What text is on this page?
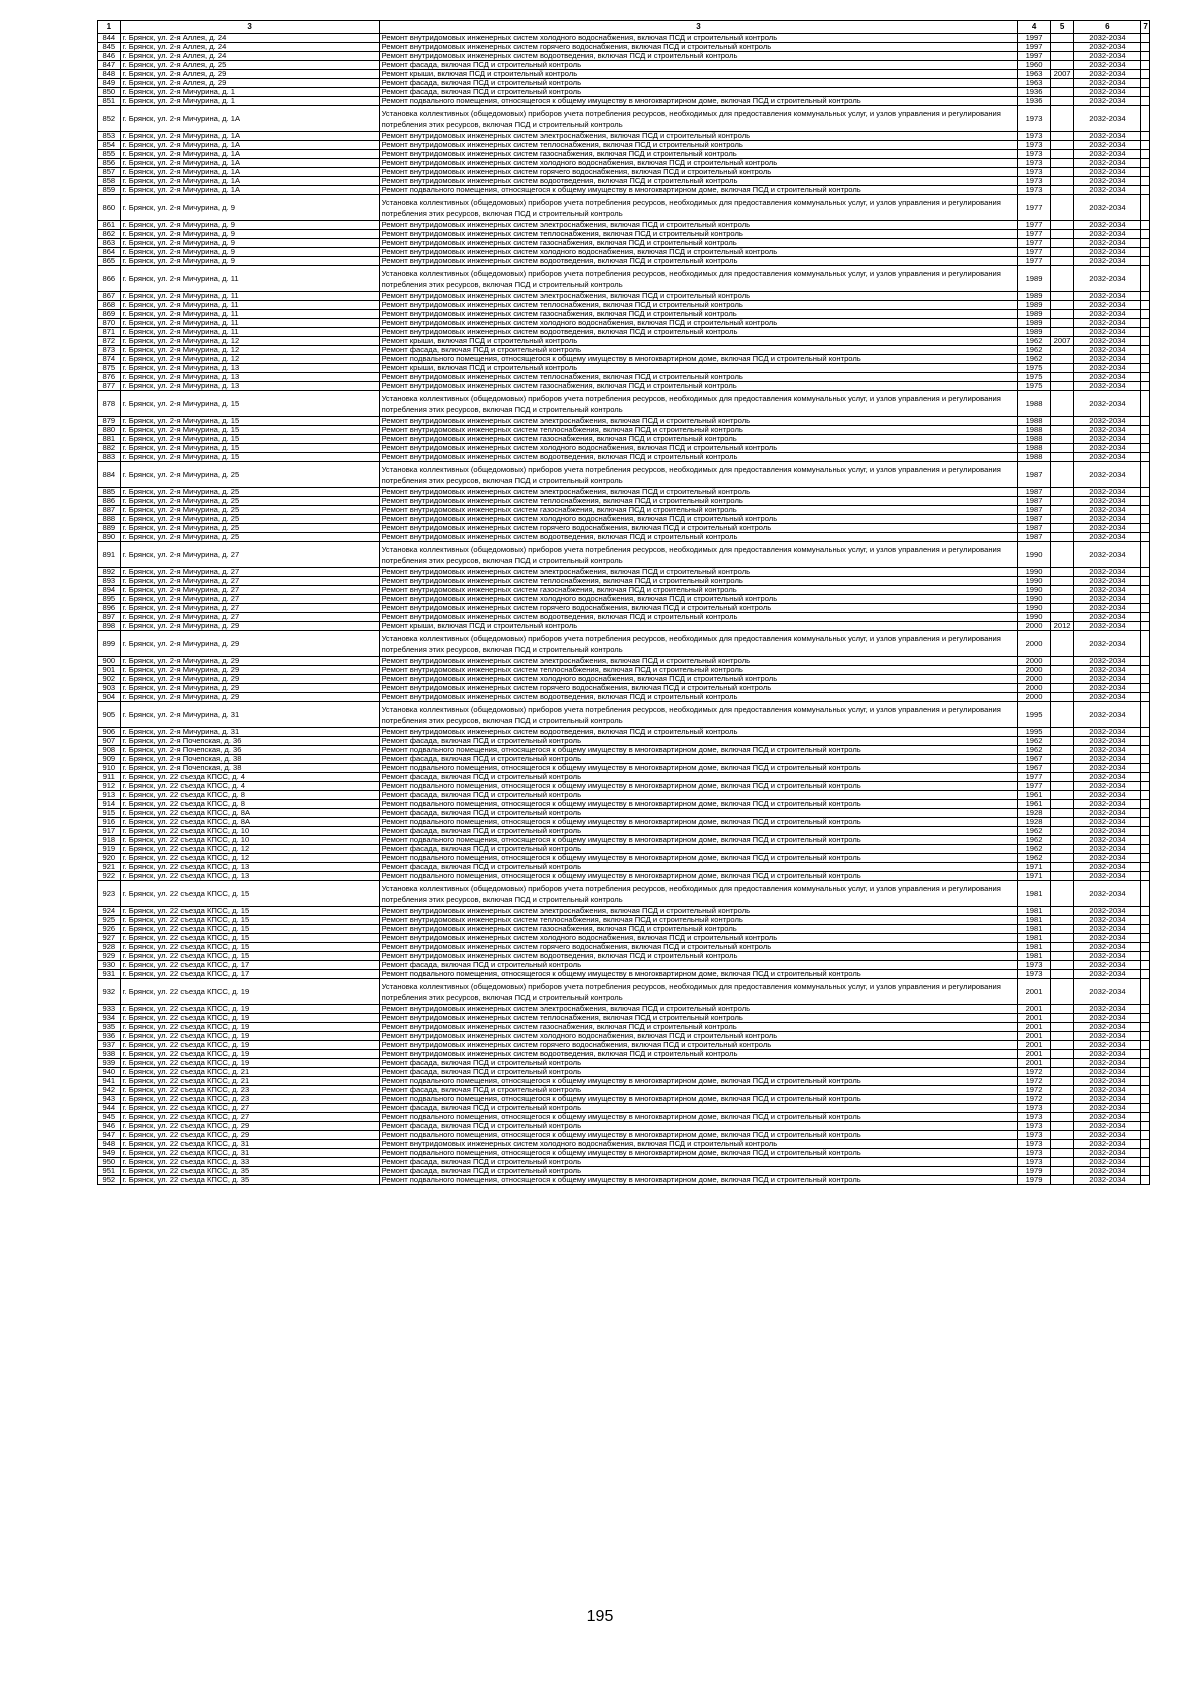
1	3	3	4	5	6	7
844	г. Брянск, ул. 2-я Аллея, д. 24	Ремонт внутридомовых инженерных систем холодного водоснабжения, включая ПСД и строительный контроль	1997		2032-2034	
845	г. Брянск, ул. 2-я Аллея, д. 24	Ремонт внутридомовых инженерных систем горячего водоснабжения, включая ПСД и строительный контроль	1997		2032-2034	
846	г. Брянск, ул. 2-я Аллея, д. 24	Ремонт внутридомовых инженерных систем водоотведения, включая ПСД и строительный контроль	1997		2032-2034	
847	г. Брянск, ул. 2-я Аллея, д. 25	Ремонт фасада, включая ПСД и строительный контроль	1960		2032-2034	
848	г. Брянск, ул. 2-я Аллея, д. 29	Ремонт крыши, включая ПСД и строительный контроль	1963	2007	2032-2034	
849	г. Брянск, ул. 2-я Аллея, д. 29	Ремонт фасада, включая ПСД и строительный контроль	1963		2032-2034	
850	г. Брянск, ул. 2-я Мичурина, д. 1	Ремонт фасада, включая ПСД и строительный контроль	1936		2032-2034	
851	г. Брянск, ул. 2-я Мичурина, д. 1	Ремонт подвального помещения, относящегося к общему имуществу в многоквартирном доме, включая ПСД и строительный контроль	1936		2032-2034	
852	г. Брянск, ул. 2-я Мичурина, д. 1А	Установка коллективных (общедомовых) приборов учета потребления ресурсов, необходимых для предоставления коммунальных услуг, и узлов управления и регулирования потребления этих ресурсов, включая ПСД и строительный контроль	1973		2032-2034	
853	г. Брянск, ул. 2-я Мичурина, д. 1А	Ремонт внутридомовых инженерных систем электроснабжения, включая ПСД и строительный контроль	1973		2032-2034	
854	г. Брянск, ул. 2-я Мичурина, д. 1А	Ремонт внутридомовых инженерных систем теплоснабжения, включая ПСД и строительный контроль	1973		2032-2034	
855	г. Брянск, ул. 2-я Мичурина, д. 1А	Ремонт внутридомовых инженерных систем газоснабжения, включая ПСД и строительный контроль	1973		2032-2034	
856	г. Брянск, ул. 2-я Мичурина, д. 1А	Ремонт внутридомовых инженерных систем холодного водоснабжения, включая ПСД и строительный контроль	1973		2032-2034	
857	г. Брянск, ул. 2-я Мичурина, д. 1А	Ремонт внутридомовых инженерных систем горячего водоснабжения, включая ПСД и строительный контроль	1973		2032-2034	
858	г. Брянск, ул. 2-я Мичурина, д. 1А	Ремонт внутридомовых инженерных систем водоотведения, включая ПСД и строительный контроль	1973		2032-2034	
859	г. Брянск, ул. 2-я Мичурина, д. 1А	Ремонт подвального помещения, относящегося к общему имуществу в многоквартирном доме, включая ПСД и строительный контроль	1973		2032-2034	
860	г. Брянск, ул. 2-я Мичурина, д. 9	Установка коллективных (общедомовых) приборов учета потребления ресурсов, необходимых для предоставления коммунальных услуг, и узлов управления и регулирования потребления этих ресурсов, включая ПСД и строительный контроль	1977		2032-2034	
861	г. Брянск, ул. 2-я Мичурина, д. 9	Ремонт внутридомовых инженерных систем электроснабжения, включая ПСД и строительный контроль	1977		2032-2034	
862	г. Брянск, ул. 2-я Мичурина, д. 9	Ремонт внутридомовых инженерных систем теплоснабжения, включая ПСД и строительный контроль	1977		2032-2034	
863	г. Брянск, ул. 2-я Мичурина, д. 9	Ремонт внутридомовых инженерных систем газоснабжения, включая ПСД и строительный контроль	1977		2032-2034	
864	г. Брянск, ул. 2-я Мичурина, д. 9	Ремонт внутридомовых инженерных систем холодного водоснабжения, включая ПСД и строительный контроль	1977		2032-2034	
865	г. Брянск, ул. 2-я Мичурина, д. 9	Ремонт внутридомовых инженерных систем водоотведения, включая ПСД и строительный контроль	1977		2032-2034	
866	г. Брянск, ул. 2-я Мичурина, д. 11	Установка коллективных (общедомовых) приборов учета потребления ресурсов, необходимых для предоставления коммунальных услуг, и узлов управления и регулирования потребления этих ресурсов, включая ПСД и строительный контроль	1989		2032-2034	
867	г. Брянск, ул. 2-я Мичурина, д. 11	Ремонт внутридомовых инженерных систем электроснабжения, включая ПСД и строительный контроль	1989		2032-2034	
868	г. Брянск, ул. 2-я Мичурина, д. 11	Ремонт внутридомовых инженерных систем теплоснабжения, включая ПСД и строительный контроль	1989		2032-2034	
869	г. Брянск, ул. 2-я Мичурина, д. 11	Ремонт внутридомовых инженерных систем газоснабжения, включая ПСД и строительный контроль	1989		2032-2034	
870	г. Брянск, ул. 2-я Мичурина, д. 11	Ремонт внутридомовых инженерных систем холодного водоснабжения, включая ПСД и строительный контроль	1989		2032-2034	
871	г. Брянск, ул. 2-я Мичурина, д. 11	Ремонт внутридомовых инженерных систем водоотведения, включая ПСД и строительный контроль	1989		2032-2034	
872	г. Брянск, ул. 2-я Мичурина, д. 12	Ремонт крыши, включая ПСД и строительный контроль	1962	2007	2032-2034	
873	г. Брянск, ул. 2-я Мичурина, д. 12	Ремонт фасада, включая ПСД и строительный контроль	1962		2032-2034	
874	г. Брянск, ул. 2-я Мичурина, д. 12	Ремонт подвального помещения, относящегося к общему имуществу в многоквартирном доме, включая ПСД и строительный контроль	1962		2032-2034	
875	г. Брянск, ул. 2-я Мичурина, д. 13	Ремонт крыши, включая ПСД и строительный контроль	1975		2032-2034	
876	г. Брянск, ул. 2-я Мичурина, д. 13	Ремонт внутридомовых инженерных систем теплоснабжения, включая ПСД и строительный контроль	1975		2032-2034	
877	г. Брянск, ул. 2-я Мичурина, д. 13	Ремонт внутридомовых инженерных систем газоснабжения, включая ПСД и строительный контроль	1975		2032-2034	
878	г. Брянск, ул. 2-я Мичурина, д. 15	Установка коллективных (общедомовых) приборов учета потребления ресурсов, необходимых для предоставления коммунальных услуг, и узлов управления и регулирования потребления этих ресурсов, включая ПСД и строительный контроль	1988		2032-2034	
879	г. Брянск, ул. 2-я Мичурина, д. 15	Ремонт внутридомовых инженерных систем электроснабжения, включая ПСД и строительный контроль	1988		2032-2034	
880	г. Брянск, ул. 2-я Мичурина, д. 15	Ремонт внутридомовых инженерных систем теплоснабжения, включая ПСД и строительный контроль	1988		2032-2034	
881	г. Брянск, ул. 2-я Мичурина, д. 15	Ремонт внутридомовых инженерных систем газоснабжения, включая ПСД и строительный контроль	1988		2032-2034	
882	г. Брянск, ул. 2-я Мичурина, д. 15	Ремонт внутридомовых инженерных систем холодного водоснабжения, включая ПСД и строительный контроль	1988		2032-2034	
883	г. Брянск, ул. 2-я Мичурина, д. 15	Ремонт внутридомовых инженерных систем водоотведения, включая ПСД и строительный контроль	1988		2032-2034	
884	г. Брянск, ул. 2-я Мичурина, д. 25	Установка коллективных (общедомовых) приборов учета потребления ресурсов, необходимых для предоставления коммунальных услуг, и узлов управления и регулирования потребления этих ресурсов, включая ПСД и строительный контроль	1987		2032-2034	
885	г. Брянск, ул. 2-я Мичурина, д. 25	Ремонт внутридомовых инженерных систем электроснабжения, включая ПСД и строительный контроль	1987		2032-2034	
886	г. Брянск, ул. 2-я Мичурина, д. 25	Ремонт внутридомовых инженерных систем теплоснабжения, включая ПСД и строительный контроль	1987		2032-2034	
887	г. Брянск, ул. 2-я Мичурина, д. 25	Ремонт внутридомовых инженерных систем газоснабжения, включая ПСД и строительный контроль	1987		2032-2034	
888	г. Брянск, ул. 2-я Мичурина, д. 25	Ремонт внутридомовых инженерных систем холодного водоснабжения, включая ПСД и строительный контроль	1987		2032-2034	
889	г. Брянск, ул. 2-я Мичурина, д. 25	Ремонт внутридомовых инженерных систем горячего водоснабжения, включая ПСД и строительный контроль	1987		2032-2034	
890	г. Брянск, ул. 2-я Мичурина, д. 25	Ремонт внутридомовых инженерных систем водоотведения, включая ПСД и строительный контроль	1987		2032-2034	
891	г. Брянск, ул. 2-я Мичурина, д. 27	Установка коллективных (общедомовых) приборов учета потребления ресурсов, необходимых для предоставления коммунальных услуг, и узлов управления и регулирования потребления этих ресурсов, включая ПСД и строительный контроль	1990		2032-2034	
892	г. Брянск, ул. 2-я Мичурина, д. 27	Ремонт внутридомовых инженерных систем электроснабжения, включая ПСД и строительный контроль	1990		2032-2034	
893	г. Брянск, ул. 2-я Мичурина, д. 27	Ремонт внутридомовых инженерных систем теплоснабжения, включая ПСД и строительный контроль	1990		2032-2034	
894	г. Брянск, ул. 2-я Мичурина, д. 27	Ремонт внутридомовых инженерных систем газоснабжения, включая ПСД и строительный контроль	1990		2032-2034	
895	г. Брянск, ул. 2-я Мичурина, д. 27	Ремонт внутридомовых инженерных систем холодного водоснабжения, включая ПСД и строительный контроль	1990		2032-2034	
896	г. Брянск, ул. 2-я Мичурина, д. 27	Ремонт внутридомовых инженерных систем горячего водоснабжения, включая ПСД и строительный контроль	1990		2032-2034	
897	г. Брянск, ул. 2-я Мичурина, д. 27	Ремонт внутридомовых инженерных систем водоотведения, включая ПСД и строительный контроль	1990		2032-2034	
898	г. Брянск, ул. 2-я Мичурина, д. 29	Ремонт крыши, включая ПСД и строительный контроль	2000	2012	2032-2034	
899	г. Брянск, ул. 2-я Мичурина, д. 29	Установка коллективных (общедомовых) приборов учета потребления ресурсов, необходимых для предоставления коммунальных услуг, и узлов управления и регулирования потребления этих ресурсов, включая ПСД и строительный контроль	2000		2032-2034	
900	г. Брянск, ул. 2-я Мичурина, д. 29	Ремонт внутридомовых инженерных систем электроснабжения, включая ПСД и строительный контроль	2000		2032-2034	
901	г. Брянск, ул. 2-я Мичурина, д. 29	Ремонт внутридомовых инженерных систем теплоснабжения, включая ПСД и строительный контроль	2000		2032-2034	
902	г. Брянск, ул. 2-я Мичурина, д. 29	Ремонт внутридомовых инженерных систем холодного водоснабжения, включая ПСД и строительный контроль	2000		2032-2034	
903	г. Брянск, ул. 2-я Мичурина, д. 29	Ремонт внутридомовых инженерных систем горячего водоснабжения, включая ПСД и строительный контроль	2000		2032-2034	
904	г. Брянск, ул. 2-я Мичурина, д. 29	Ремонт внутридомовых инженерных систем водоотведения, включая ПСД и строительный контроль	2000		2032-2034	
905	г. Брянск, ул. 2-я Мичурина, д. 31	Установка коллективных (общедомовых) приборов учета потребления ресурсов, необходимых для предоставления коммунальных услуг, и узлов управления и регулирования потребления этих ресурсов, включая ПСД и строительный контроль	1995		2032-2034	
906	г. Брянск, ул. 2-я Мичурина, д. 31	Ремонт внутридомовых инженерных систем водоотведения, включая ПСД и строительный контроль	1995		2032-2034	
907	г. Брянск, ул. 2-я Почепская, д. 36	Ремонт фасада, включая ПСД и строительный контроль	1962		2032-2034	
908	г. Брянск, ул. 2-я Почепская, д. 36	Ремонт подвального помещения, относящегося к общему имуществу в многоквартирном доме, включая ПСД и строительный контроль	1962		2032-2034	
909	г. Брянск, ул. 2-я Почепская, д. 38	Ремонт фасада, включая ПСД и строительный контроль	1967		2032-2034	
910	г. Брянск, ул. 2-я Почепская, д. 38	Ремонт подвального помещения, относящегося к общему имуществу в многоквартирном доме, включая ПСД и строительный контроль	1967		2032-2034	
911	г. Брянск, ул. 22 съезда КПСС, д. 4	Ремонт фасада, включая ПСД и строительный контроль	1977		2032-2034	
912	г. Брянск, ул. 22 съезда КПСС, д. 4	Ремонт подвального помещения, относящегося к общему имуществу в многоквартирном доме, включая ПСД и строительный контроль	1977		2032-2034	
913	г. Брянск, ул. 22 съезда КПСС, д. 8	Ремонт фасада, включая ПСД и строительный контроль	1961		2032-2034	
914	г. Брянск, ул. 22 съезда КПСС, д. 8	Ремонт подвального помещения, относящегося к общему имуществу в многоквартирном доме, включая ПСД и строительный контроль	1961		2032-2034	
915	г. Брянск, ул. 22 съезда КПСС, д. 8А	Ремонт фасада, включая ПСД и строительный контроль	1928		2032-2034	
916	г. Брянск, ул. 22 съезда КПСС, д. 8А	Ремонт подвального помещения, относящегося к общему имуществу в многоквартирном доме, включая ПСД и строительный контроль	1928		2032-2034	
917	г. Брянск, ул. 22 съезда КПСС, д. 10	Ремонт фасада, включая ПСД и строительный контроль	1962		2032-2034	
918	г. Брянск, ул. 22 съезда КПСС, д. 10	Ремонт подвального помещения, относящегося к общему имуществу в многоквартирном доме, включая ПСД и строительный контроль	1962		2032-2034	
919	г. Брянск, ул. 22 съезда КПСС, д. 12	Ремонт фасада, включая ПСД и строительный контроль	1962		2032-2034	
920	г. Брянск, ул. 22 съезда КПСС, д. 12	Ремонт подвального помещения, относящегося к общему имуществу в многоквартирном доме, включая ПСД и строительный контроль	1962		2032-2034	
921	г. Брянск, ул. 22 съезда КПСС, д. 13	Ремонт фасада, включая ПСД и строительный контроль	1971		2032-2034	
922	г. Брянск, ул. 22 съезда КПСС, д. 13	Ремонт подвального помещения, относящегося к общему имуществу в многоквартирном доме, включая ПСД и строительный контроль	1971		2032-2034	
923	г. Брянск, ул. 22 съезда КПСС, д. 15	Установка коллективных (общедомовых) приборов учета потребления ресурсов, необходимых для предоставления коммунальных услуг, и узлов управления и регулирования потребления этих ресурсов, включая ПСД и строительный контроль	1981		2032-2034	
924	г. Брянск, ул. 22 съезда КПСС, д. 15	Ремонт внутридомовых инженерных систем электроснабжения, включая ПСД и строительный контроль	1981		2032-2034	
925	г. Брянск, ул. 22 съезда КПСС, д. 15	Ремонт внутридомовых инженерных систем теплоснабжения, включая ПСД и строительный контроль	1981		2032-2034	
926	г. Брянск, ул. 22 съезда КПСС, д. 15	Ремонт внутридомовых инженерных систем газоснабжения, включая ПСД и строительный контроль	1981		2032-2034	
927	г. Брянск, ул. 22 съезда КПСС, д. 15	Ремонт внутридомовых инженерных систем холодного водоснабжения, включая ПСД и строительный контроль	1981		2032-2034	
928	г. Брянск, ул. 22 съезда КПСС, д. 15	Ремонт внутридомовых инженерных систем горячего водоснабжения, включая ПСД и строительный контроль	1981		2032-2034	
929	г. Брянск, ул. 22 съезда КПСС, д. 15	Ремонт внутридомовых инженерных систем водоотведения, включая ПСД и строительный контроль	1981		2032-2034	
930	г. Брянск, ул. 22 съезда КПСС, д. 17	Ремонт фасада, включая ПСД и строительный контроль	1973		2032-2034	
931	г. Брянск, ул. 22 съезда КПСС, д. 17	Ремонт подвального помещения, относящегося к общему имуществу в многоквартирном доме, включая ПСД и строительный контроль	1973		2032-2034	
932	г. Брянск, ул. 22 съезда КПСС, д. 19	Установка коллективных (общедомовых) приборов учета потребления ресурсов, необходимых для предоставления коммунальных услуг, и узлов управления и регулирования потребления этих ресурсов, включая ПСД и строительный контроль	2001		2032-2034	
933	г. Брянск, ул. 22 съезда КПСС, д. 19	Ремонт внутридомовых инженерных систем электроснабжения, включая ПСД и строительный контроль	2001		2032-2034	
934	г. Брянск, ул. 22 съезда КПСС, д. 19	Ремонт внутридомовых инженерных систем теплоснабжения, включая ПСД и строительный контроль	2001		2032-2034	
935	г. Брянск, ул. 22 съезда КПСС, д. 19	Ремонт внутридомовых инженерных систем газоснабжения, включая ПСД и строительный контроль	2001		2032-2034	
936	г. Брянск, ул. 22 съезда КПСС, д. 19	Ремонт внутридомовых инженерных систем холодного водоснабжения, включая ПСД и строительный контроль	2001		2032-2034	
937	г. Брянск, ул. 22 съезда КПСС, д. 19	Ремонт внутридомовых инженерных систем горячего водоснабжения, включая ПСД и строительный контроль	2001		2032-2034	
938	г. Брянск, ул. 22 съезда КПСС, д. 19	Ремонт внутридомовых инженерных систем водоотведения, включая ПСД и строительный контроль	2001		2032-2034	
939	г. Брянск, ул. 22 съезда КПСС, д. 19	Ремонт фасада, включая ПСД и строительный контроль	2001		2032-2034	
940	г. Брянск, ул. 22 съезда КПСС, д. 21	Ремонт фасада, включая ПСД и строительный контроль	1972		2032-2034	
941	г. Брянск, ул. 22 съезда КПСС, д. 21	Ремонт подвального помещения, относящегося к общему имуществу в многоквартирном доме, включая ПСД и строительный контроль	1972		2032-2034	
942	г. Брянск, ул. 22 съезда КПСС, д. 23	Ремонт фасада, включая ПСД и строительный контроль	1972		2032-2034	
943	г. Брянск, ул. 22 съезда КПСС, д. 23	Ремонт подвального помещения, относящегося к общему имуществу в многоквартирном доме, включая ПСД и строительный контроль	1972		2032-2034	
944	г. Брянск, ул. 22 съезда КПСС, д. 27	Ремонт фасада, включая ПСД и строительный контроль	1973		2032-2034	
945	г. Брянск, ул. 22 съезда КПСС, д. 27	Ремонт подвального помещения, относящегося к общему имуществу в многоквартирном доме, включая ПСД и строительный контроль	1973		2032-2034	
946	г. Брянск, ул. 22 съезда КПСС, д. 29	Ремонт фасада, включая ПСД и строительный контроль	1973		2032-2034	
947	г. Брянск, ул. 22 съезда КПСС, д. 29	Ремонт подвального помещения, относящегося к общему имуществу в многоквартирном доме, включая ПСД и строительный контроль	1973		2032-2034	
948	г. Брянск, ул. 22 съезда КПСС, д. 31	Ремонт внутридомовых инженерных систем холодного водоснабжения, включая ПСД и строительный контроль	1973		2032-2034	
949	г. Брянск, ул. 22 съезда КПСС, д. 31	Ремонт подвального помещения, относящегося к общему имуществу в многоквартирном доме, включая ПСД и строительный контроль	1973		2032-2034	
950	г. Брянск, ул. 22 съезда КПСС, д. 33	Ремонт фасада, включая ПСД и строительный контроль	1973		2032-2034	
951	г. Брянск, ул. 22 съезда КПСС, д. 35	Ремонт фасада, включая ПСД и строительный контроль	1979		2032-2034	
952	г. Брянск, ул. 22 съезда КПСС, д. 35	Ремонт подвального помещения, относящегося к общему имуществу в многоквартирном доме, включая ПСД и строительный контроль	1979		2032-2034	
195
